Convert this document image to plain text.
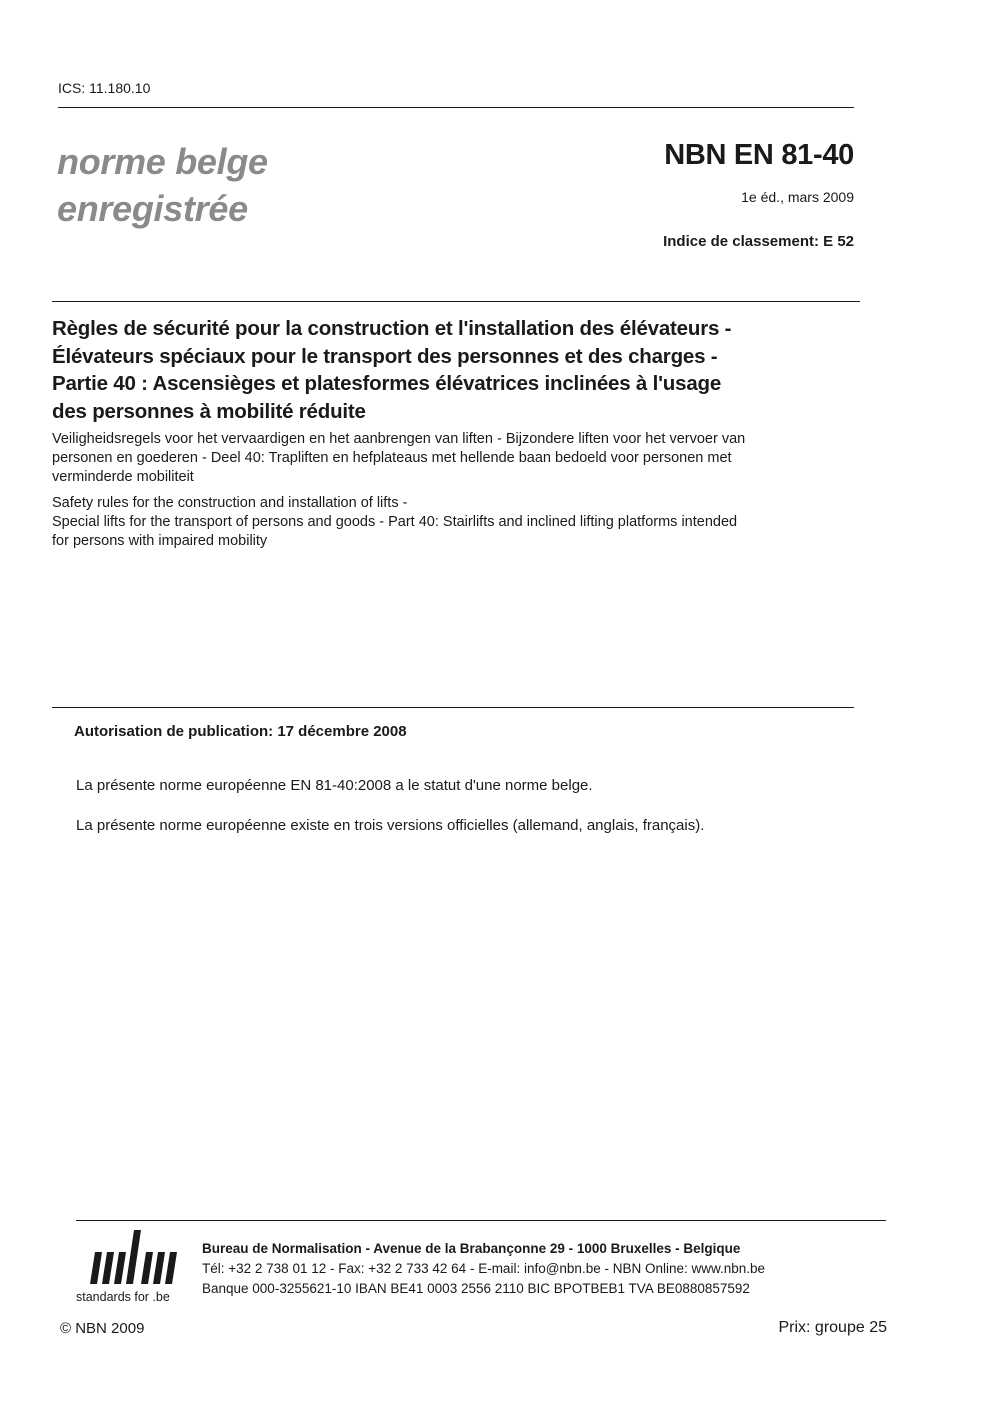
ICS: 11.180.10
norme belge
enregistrée
NBN EN 81-40
1e éd., mars 2009
Indice de classement: E 52
Règles de sécurité pour la construction et l'installation des élévateurs -
Élévateurs spéciaux pour le transport des personnes et des charges -
Partie 40 : Ascensièges et platesformes élévatrices inclinées à l'usage
des personnes à mobilité réduite
Veiligheidsregels voor het vervaardigen en het aanbrengen van liften - Bijzondere liften voor het vervoer van
personen en goederen - Deel 40: Trapliften en hefplateaus met hellende baan bedoeld voor personen met
verminderde mobiliteit
Safety rules for the construction and installation of lifts -
Special lifts for the transport of persons and goods - Part 40: Stairlifts and inclined lifting platforms intended
for persons with impaired mobility
Autorisation de publication: 17 décembre 2008
La présente norme européenne EN 81-40:2008 a le statut d'une norme belge.
La présente norme européenne existe en trois versions officielles (allemand, anglais, français).
standards for .be
Bureau de Normalisation - Avenue de la Brabançonne 29 - 1000 Bruxelles - Belgique
Tél: +32 2 738 01 12 - Fax: +32 2 733 42 64 - E-mail: info@nbn.be - NBN Online: www.nbn.be
Banque 000-3255621-10 IBAN BE41 0003 2556 2110 BIC BPOTBEB1 TVA BE0880857592
© NBN 2009	Prix: groupe 25
